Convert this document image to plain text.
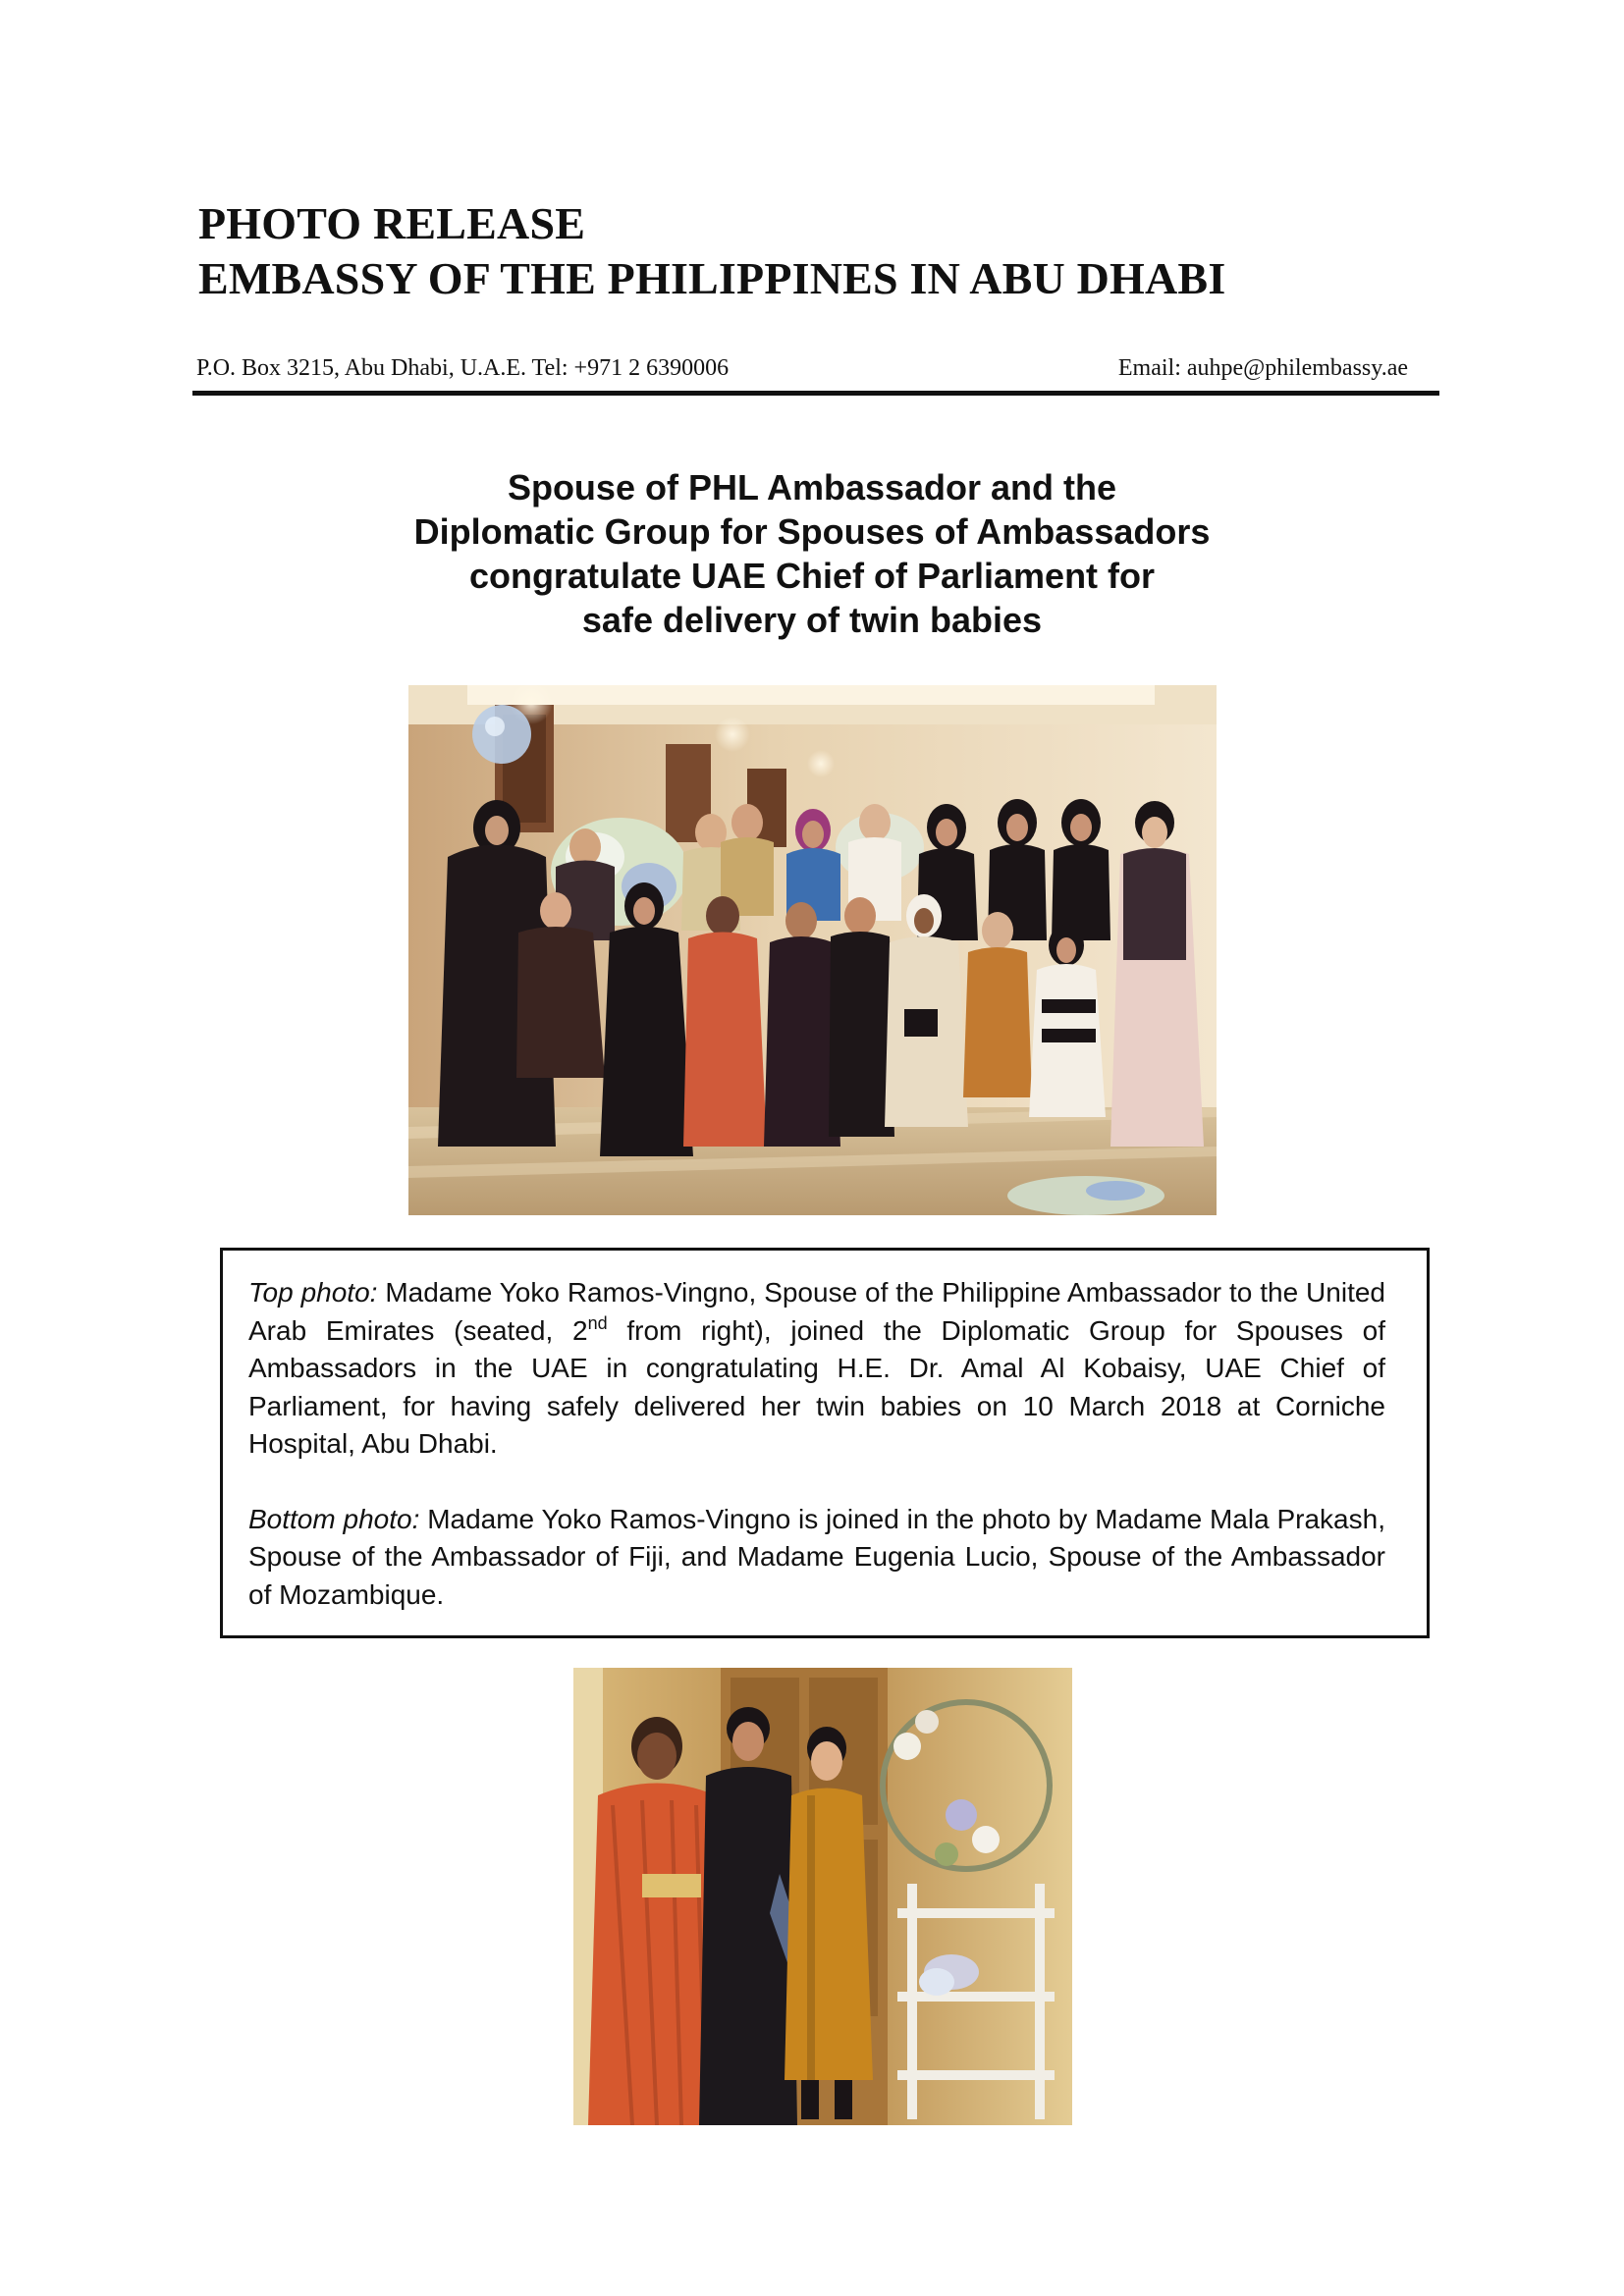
PHOTO RELEASE
EMBASSY OF THE PHILIPPINES IN ABU DHABI
P.O. Box 3215, Abu Dhabi, U.A.E. Tel: +971 2 6390006	Email: auhpe@philembassy.ae
Spouse of PHL Ambassador and the
Diplomatic Group for Spouses of Ambassadors
congratulate UAE Chief of Parliament for
safe delivery of twin babies

Top photo: Madame Yoko Ramos-Vingno, Spouse of the Philippine Ambassador to the United Arab Emirates (seated, 2nd from right), joined the Diplomatic Group for Spouses of Ambassadors in the UAE in congratulating H.E. Dr. Amal Al Kobaisy, UAE Chief of Parliament, for having safely delivered her twin babies on 10 March 2018 at Corniche Hospital, Abu Dhabi.

Bottom photo: Madame Yoko Ramos-Vingno is joined in the photo by Madame Mala Prakash, Spouse of the Ambassador of Fiji, and Madame Eugenia Lucio, Spouse of the Ambassador of Mozambique.
